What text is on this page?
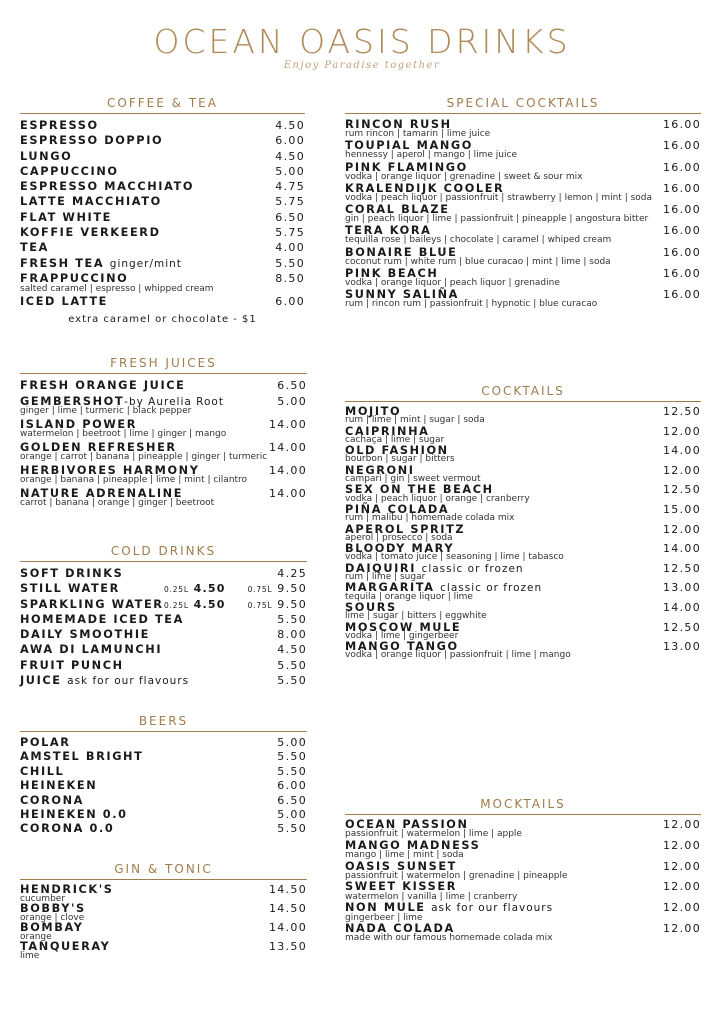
OCEAN OASIS DRINKS
Enjoy Paradise together
COFFEE & TEA
ESPRESSO	4.50
ESPRESSO DOPPIO	6.00
LUNGO	4.50
CAPPUCCINO	5.00
ESPRESSO MACCHIATO	4.75
LATTE MACCHIATO	5.75
FLAT WHITE	6.50
KOFFIE VERKEERD	5.75
TEA	4.00
FRESH TEA ginger/mint	5.50
FRAPPUCCINO	8.50
salted caramel | espresso | whipped cream
ICED LATTE	6.00
extra caramel or chocolate - $1
FRESH JUICES
FRESH ORANGE JUICE	6.50
GEMBERSHOT-by Aurelia Root	5.00
ginger | lime | turmeric | black pepper
ISLAND POWER	14.00
watermelon | beetroot | lime | ginger | mango
GOLDEN REFRESHER	14.00
orange | carrot | banana | pineapple | ginger | turmeric
HERBIVORES HARMONY	14.00
orange | banana | pineapple | lime | mint | cilantro
NATURE ADRENALINE	14.00
carrot | banana | orange | ginger | beetroot
COLD DRINKS
SOFT DRINKS	4.25
STILL WATER	0.25L 4.50	0.75L 9.50
SPARKLING WATER 0.25L 4.50	0.75L 9.50
HOMEMADE ICED TEA	5.50
DAILY SMOOTHIE	8.00
AWA DI LAMUNCHI	4.50
FRUIT PUNCH	5.50
JUICE ask for our flavours	5.50
BEERS
POLAR	5.00
AMSTEL BRIGHT	5.50
CHILL	5.50
HEINEKEN	6.00
CORONA	6.50
HEINEKEN 0.0	5.00
CORONA 0.0	5.50
GIN & TONIC
HENDRICK'S	14.50
cucumber
BOBBY'S	14.50
orange | clove
BOMBAY	14.00
orange
TANQUERAY	13.50
lime
SPECIAL COCKTAILS
RINCON RUSH	16.00
rum rincon | tamarin | lime juice
TOUPIAL MANGO	16.00
hennessy | aperol | mango | lime juice
PINK FLAMINGO	16.00
vodka | orange liquor | grenadine | sweet & sour mix
KRALENDIJK COOLER	16.00
vodka | peach liquor | passionfruit | strawberry | lemon | mint | soda
CORAL BLAZE	16.00
gin | peach liquor | lime | passionfruit | pineapple | angostura bitter
TERA KORA	16.00
tequilla rose | baileys | chocolate | caramel | whiped cream
BONAIRE BLUE	16.00
coconut rum | white rum | blue curacao | mint | lime | soda
PINK BEACH	16.00
vodka | orange liquor | peach liquor | grenadine
SUNNY SALIÑA	16.00
rum | rincon rum | passionfruit | hypnotic | blue curacao
COCKTAILS
MOJITO	12.50
rum | lime | mint | sugar | soda
CAIPRINHA	12.00
cachaça | lime | sugar
OLD FASHION	14.00
bourbon | sugar | bitters
NEGRONI	12.00
campari | gin | sweet vermout
SEX ON THE BEACH	12.50
vodka | peach liquor | orange | cranberry
PIÑA COLADA	15.00
rum | malibu | homemade colada mix
APEROL SPRITZ	12.00
aperol | prosecco | soda
BLOODY MARY	14.00
vodka | tomato juice | seasoning | lime | tabasco
DAIQUIRI classic or frozen	12.50
rum | lime | sugar
MARGARITA classic or frozen	13.00
tequila | orange liquor | lime
SOURS	14.00
lime | sugar | bitters | eggwhite
MOSCOW MULE	12.50
vodka | lime | gingerbeer
MANGO TANGO	13.00
vodka | orange liquor | passionfruit | lime | mango
MOCKTAILS
OCEAN PASSION	12.00
passionfruit | watermelon | lime | apple
MANGO MADNESS	12.00
mango | lime | mint | soda
OASIS SUNSET	12.00
passionfruit | watermelon | grenadine | pineapple
SWEET KISSER	12.00
watermelon | vanilla | lime | cranberry
NON MULE ask for our flavours	12.00
gingerbeer | lime
NADA COLADA	12.00
made with our famous homemade colada mix
